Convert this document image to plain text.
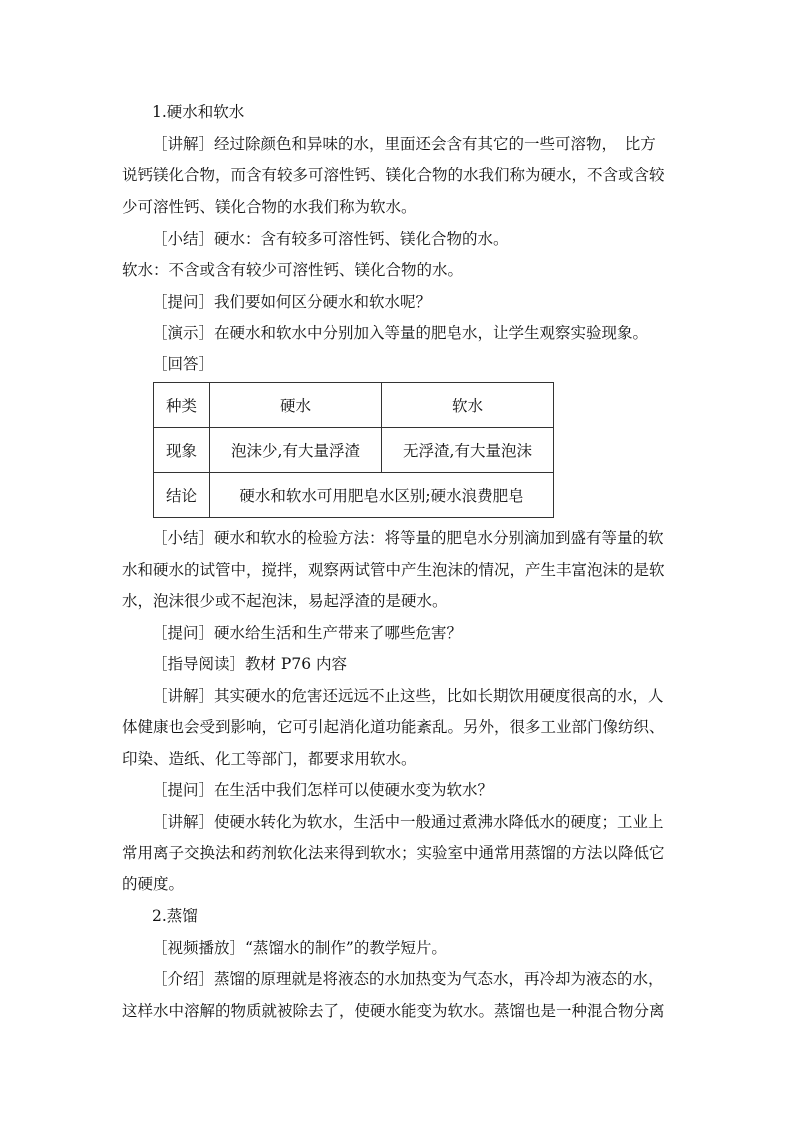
1.硬水和软水
［讲解］经过除颜色和异味的水，里面还会含有其它的一些可溶物，　比方
说钙镁化合物，而含有较多可溶性钙、镁化合物的水我们称为硬水，不含或含较
少可溶性钙、镁化合物的水我们称为软水。
［小结］硬水：含有较多可溶性钙、镁化合物的水。
软水：不含或含有较少可溶性钙、镁化合物的水。
［提问］我们要如何区分硬水和软水呢？
［演示］在硬水和软水中分别加入等量的肥皂水，让学生观察实验现象。
［回答］
种类	硬水	软水
现象	泡沫少,有大量浮渣	无浮渣,有大量泡沫
结论	硬水和软水可用肥皂水区别;硬水浪费肥皂	
［小结］硬水和软水的检验方法：将等量的肥皂水分别滴加到盛有等量的软
水和硬水的试管中，搅拌，观察两试管中产生泡沫的情况，产生丰富泡沫的是软
水，泡沫很少或不起泡沫，易起浮渣的是硬水。
［提问］硬水给生活和生产带来了哪些危害？
［指导阅读］教材 P76 内容
［讲解］其实硬水的危害还远远不止这些，比如长期饮用硬度很高的水，人
体健康也会受到影响，它可引起消化道功能紊乱。另外，很多工业部门像纺织、
印染、造纸、化工等部门，都要求用软水。
［提问］在生活中我们怎样可以使硬水变为软水？
［讲解］使硬水转化为软水，生活中一般通过煮沸水降低水的硬度；工业上
常用离子交换法和药剂软化法来得到软水；实验室中通常用蒸馏的方法以降低它
的硬度。
2.蒸馏
［视频播放］“蒸馏水的制作”的教学短片。
［介绍］蒸馏的原理就是将液态的水加热变为气态水，再冷却为液态的水，
这样水中溶解的物质就被除去了，使硬水能变为软水。蒸馏也是一种混合物分离
